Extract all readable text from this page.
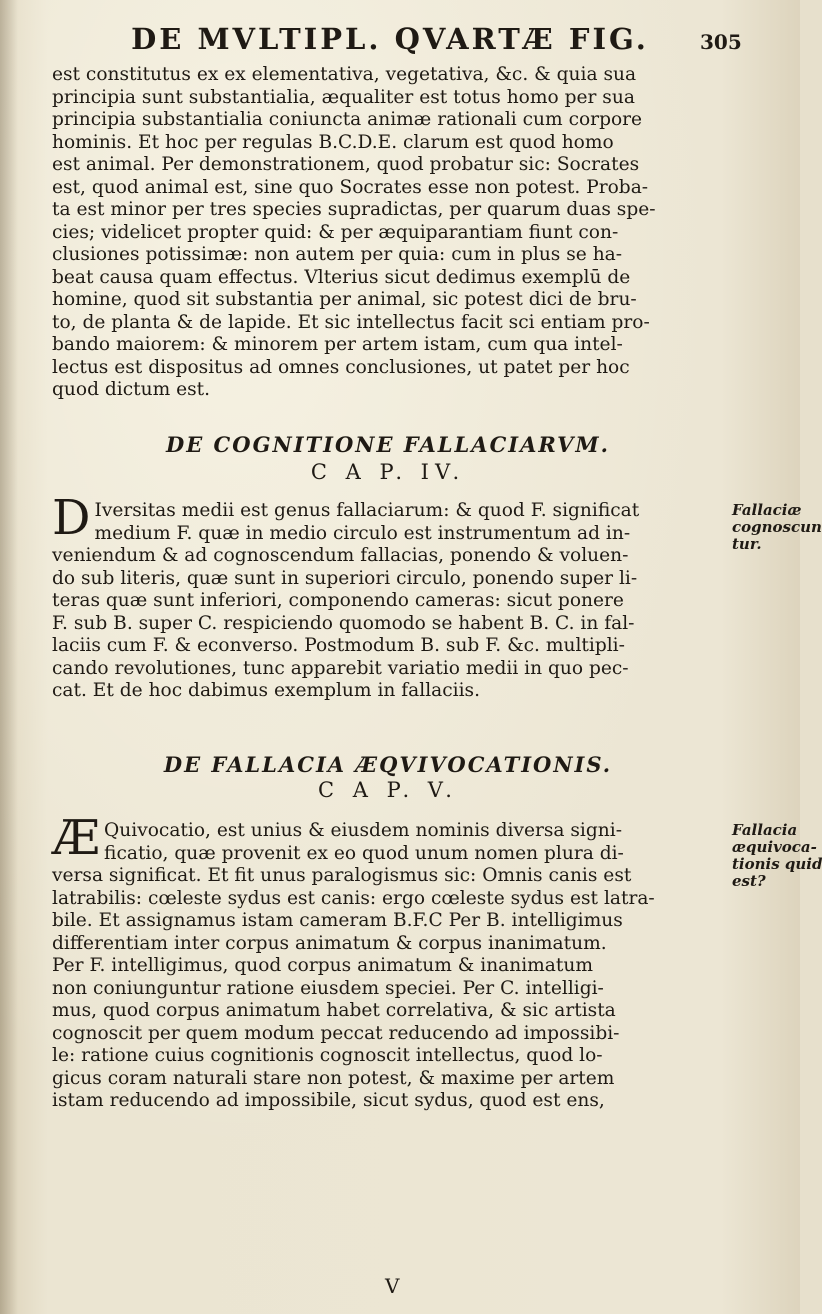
DE MVLTIPL. QVARTÆ FIG.	305
est constitutus ex ex elementativa, vegetativa, &c. & quia sua
principia sunt substantialia, æqualiter est totus homo per sua
principia substantialia coniuncta animæ rationali cum corpore
hominis. Et hoc per regulas B.C.D.E. clarum est quod homo
est animal. Per demonstrationem, quod probatur sic: Socrates
est, quod animal est, sine quo Socrates esse non potest. Proba-
ta est minor per tres species supradictas, per quarum duas spe-
cies; videlicet propter quid: & per æquiparantiam fiunt con-
clusiones potissimæ: non autem per quia: cum in plus se ha-
beat causa quam effectus. Vlterius sicut dedimus exemplū de
homine, quod sit substantia per animal, sic potest dici de bru-
to, de planta & de lapide. Et sic intellectus facit sci entiam pro-
bando maiorem: & minorem per artem istam, cum qua intel-
lectus est dispositus ad omnes conclusiones, ut patet per hoc
quod dictum est.
DE COGNITIONE FALLACIARVM.
C A P. IV.
Fallaciæ
cognoscun
tur.
D Iversitas medii est genus fallaciarum: & quod F. significat
medium F. quæ in medio circulo est instrumentum ad in-
veniendum & ad cognoscendum fallacias, ponendo & voluen-
do sub literis, quæ sunt in superiori circulo, ponendo super li-
teras quæ sunt inferiori, componendo cameras: sicut ponere
F. sub B. super C. respiciendo quomodo se habent B. C. in fal-
laciis cum F. & econverso. Postmodum B. sub F. &c. multipli-
cando revolutiones, tunc apparebit variatio medii in quo pec-
cat. Et de hoc dabimus exemplum in fallaciis.
DE FALLACIA ÆQVIVOCATIONIS.
C A P. V.
Fallacia
æquivoca-
tionis quid
est?
Æ Quivocatio, est unius & eiusdem nominis diversa signi-
ficatio, quæ provenit ex eo quod unum nomen plura di-
versa significat. Et fit unus paralogismus sic: Omnis canis est
latrabilis: cœleste sydus est canis: ergo cœleste sydus est latra-
bile. Et assignamus istam cameram B.F.C Per B. intelligimus
differentiam inter corpus animatum & corpus inanimatum.
Per F. intelligimus, quod corpus animatum & inanimatum
non coniunguntur ratione eiusdem speciei. Per C. intelligi-
mus, quod corpus animatum habet correlativa, & sic artista
cognoscit per quem modum peccat reducendo ad impossibi-
le: ratione cuius cognitionis cognoscit intellectus, quod lo-
gicus coram naturali stare non potest, & maxime per artem
istam reducendo ad impossibile, sicut sydus, quod est ens,
V
